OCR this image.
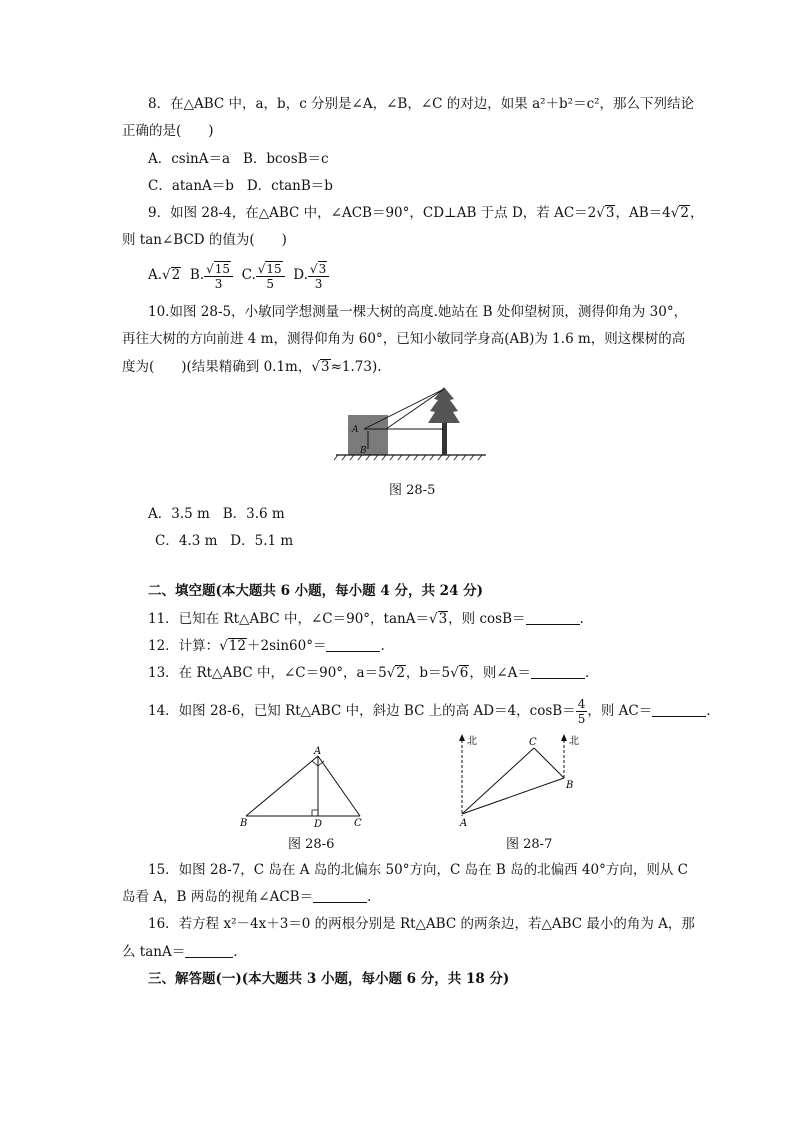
8．在△ABC 中，a，b，c 分别是∠A，∠B，∠C 的对边，如果 a²＋b²＝c²，那么下列结论
正确的是(　　)
A．csinA＝a B．bcosB＝c
C．atanA＝b D．ctanB＝b
9．如图 28-4，在△ABC 中，∠ACB＝90°，CD⊥AB 于点 D，若 AC＝2√3，AB＝4√2，
则 tan∠BCD 的值为(　　)
A.√2 B. $\frac{√15}{3} C$. $\frac{√15}{5} D$. $\frac{√3}{3}$
10.如图 28-5，小敏同学想测量一棵大树的高度.她站在 B 处仰望树顶，测得仰角为 30°，
再往大树的方向前进 4 m，测得仰角为 60°，已知小敏同学身高(AB)为 1.6 m，则这棵树的高
度为(　　)(结果精确到 0.1m，√3≈1.73).
A
B
图 28-5
A．3.5 m B．3.6 m
C．4.3 m D．5.1 m
二、填空题(本大题共 6 小题，每小题 4 分，共 24 分)
11．已知在 Rt△ABC 中，∠C＝90°，tanA＝√3，则 cosB＝	.
12．计算：√12＋2sin60°＝	.
13．在 Rt△ABC 中，∠C＝90°，a＝5√2，b＝5√6，则∠A＝	.
14．如图 28-6，已知 Rt△ABC 中，斜边 BC 上的高 AD＝4，$\cos B= \frac{4}{5}$ ，则 AC＝	.
A
B	C
D
图 28-6
北	北
C
B
A
图 28-7
15．如图 28-7，C 岛在 A 岛的北偏东 50°方向，C 岛在 B 岛的北偏西 40°方向，则从 C
岛看 A，B 两岛的视角∠ACB＝	.
16．若方程 x²－4x＋3＝0 的两根分别是 Rt△ABC 的两条边，若△ABC 最小的角为 A，那
么 tanA＝	.
三、解答题(一)(本大题共 3 小题，每小题 6 分，共 18 分)
